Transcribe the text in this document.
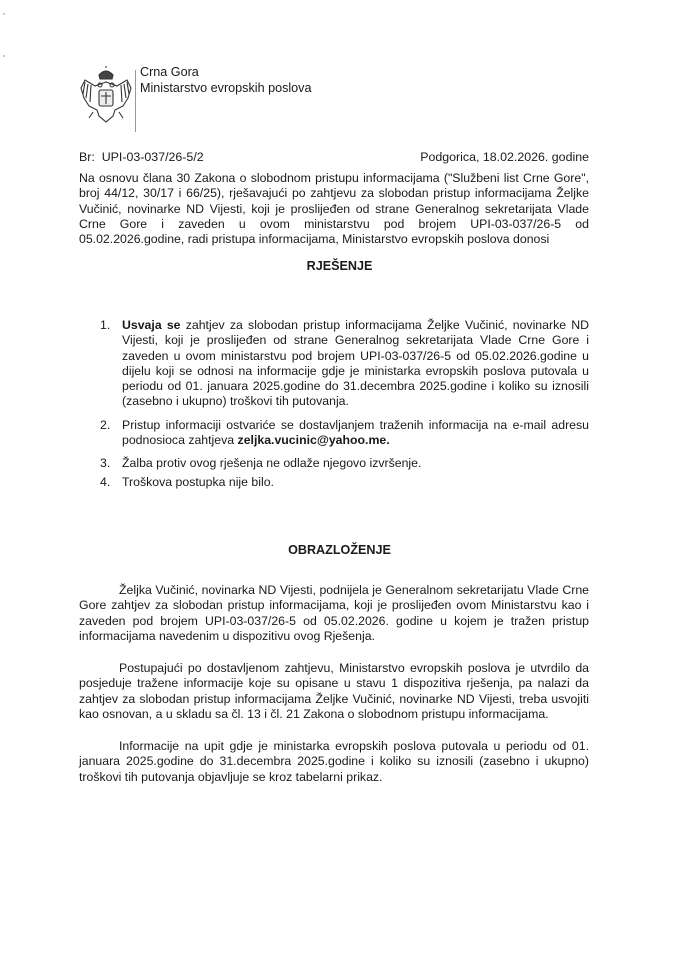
Crna Gora
Ministarstvo evropskih poslova
Br:  UPI-03-037/26-5/2	Podgorica, 18.02.2026. godine

Na osnovu člana 30 Zakona o slobodnom pristupu informacijama ("Službeni list Crne Gore", broj 44/12, 30/17 i 66/25), rješavajući po zahtjevu za slobodan pristup informacijama Željke Vučinić, novinarke ND Vijesti, koji je proslijeđen od strane Generalnog sekretarijata Vlade Crne Gore i zaveden u ovom ministarstvu pod brojem UPI-03-037/26-5 od 05.02.2026.godine, radi pristupa informacijama, Ministarstvo evropskih poslova donosi

RJEŠENJE
1. Usvaja se zahtjev za slobodan pristup informacijama Željke Vučinić, novinarke ND Vijesti, koji je proslijeđen od strane Generalnog sekretarijata Vlade Crne Gore i zaveden u ovom ministarstvu pod brojem UPI-03-037/26-5 od 05.02.2026.godine u dijelu koji se odnosi na informacije gdje je ministarka evropskih poslova putovala u periodu od 01. januara 2025.godine do 31.decembra 2025.godine i koliko su iznosili (zasebno i ukupno) troškovi tih putovanja.
2. Pristup informaciji ostvariće se dostavljanjem traženih informacija na e-mail adresu podnosioca zahtjeva zeljka.vucinic@yahoo.me.
3. Žalba protiv ovog rješenja ne odlaže njegovo izvršenje.
4. Troškova postupka nije bilo.
OBRAZLOŽENJE

Željka Vučinić, novinarka ND Vijesti, podnijela je Generalnom sekretarijatu Vlade Crne Gore zahtjev za slobodan pristup informacijama, koji je proslijeđen ovom Ministarstvu kao i zaveden pod brojem UPI-03-037/26-5 od 05.02.2026. godine u kojem je tražen pristup informacijama navedenim u dispozitivu ovog Rješenja.

Postupajući po dostavljenom zahtjevu, Ministarstvo evropskih poslova je utvrdilo da posjeduje tražene informacije koje su opisane u stavu 1 dispozitiva rješenja, pa nalazi da zahtjev za slobodan pristup informacijama Željke Vučinić, novinarke ND Vijesti, treba usvojiti kao osnovan, a u skladu sa čl. 13 i čl. 21 Zakona o slobodnom pristupu informacijama.

Informacije na upit gdje je ministarka evropskih poslova putovala u periodu od 01. januara 2025.godine do 31.decembra 2025.godine i koliko su iznosili (zasebno i ukupno) troškovi tih putovanja objavljuje se kroz tabelarni prikaz.
